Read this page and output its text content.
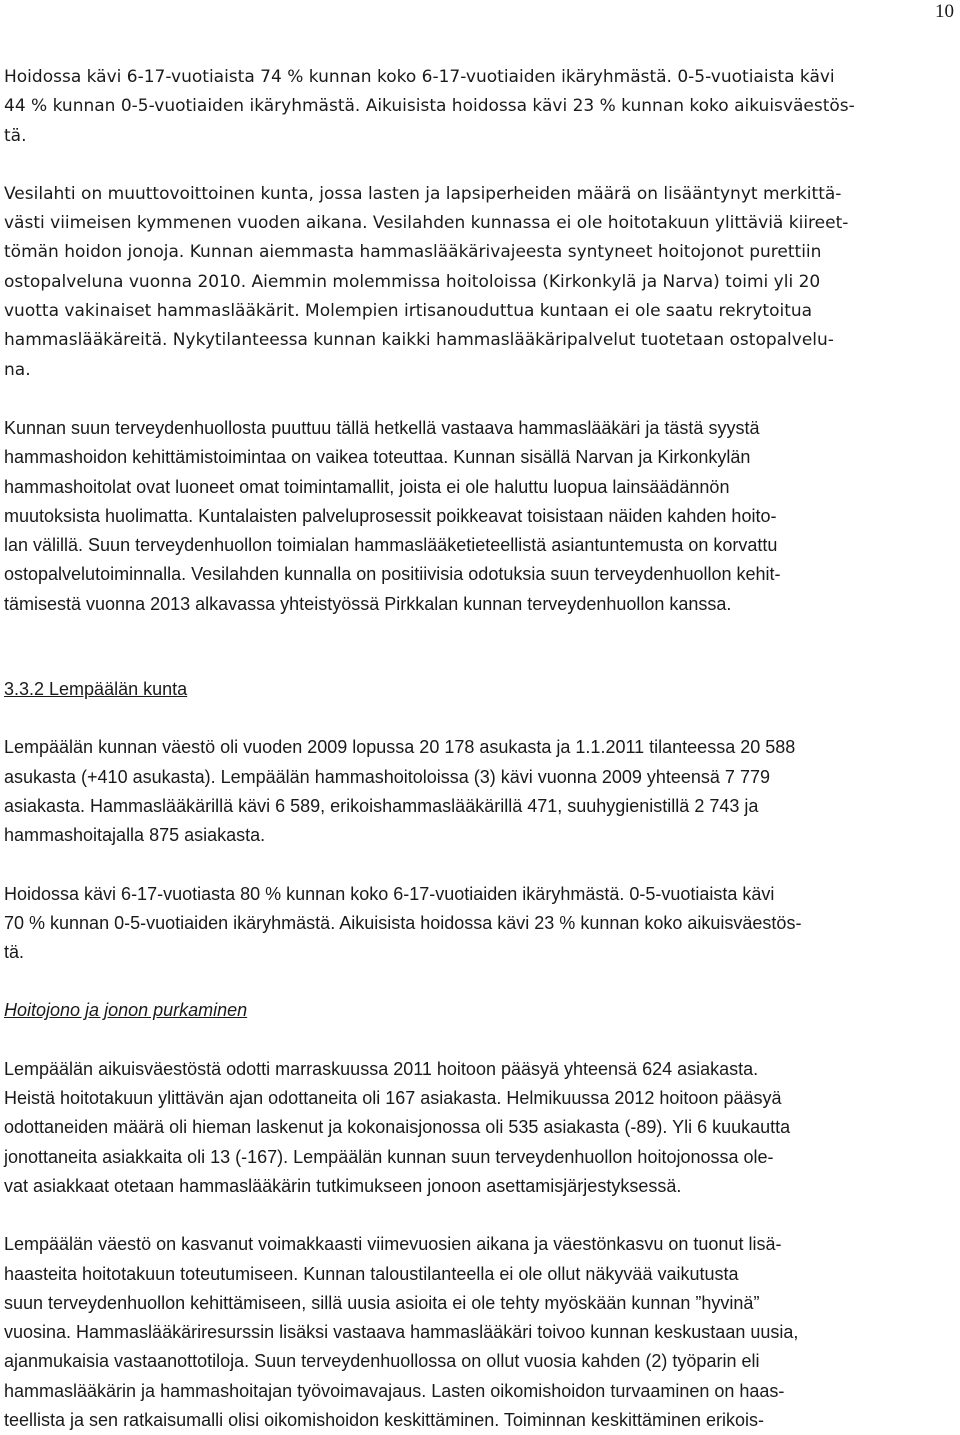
10

Hoidossa kävi 6-17-vuotiaista 74 % kunnan koko 6-17-vuotiaiden ikäryhmästä. 0-5-vuotiaista kävi
44 % kunnan 0-5-vuotiaiden ikäryhmästä. Aikuisista hoidossa kävi 23 % kunnan koko aikuisväestös-
tä.

Vesilahti on muuttovoittoinen kunta, jossa lasten ja lapsiperheiden määrä on lisääntynyt merkittä-
västi viimeisen kymmenen vuoden aikana. Vesilahden kunnassa ei ole hoitotakuun ylittäviä kiireet-
tömän hoidon jonoja. Kunnan aiemmasta hammaslääkärivajeesta syntyneet hoitojonot purettiin
ostopalveluna vuonna 2010. Aiemmin molemmissa hoitoloissa (Kirkonkylä ja Narva) toimi yli 20
vuotta vakinaiset hammaslääkärit. Molempien irtisanouduttua kuntaan ei ole saatu rekrytoitua
hammaslääkäreitä. Nykytilanteessa kunnan kaikki hammaslääkäripalvelut tuotetaan ostopalvelu-
na.

Kunnan suun terveydenhuollosta puuttuu tällä hetkellä vastaava hammaslääkäri ja tästä syystä
hammashoidon kehittämistoimintaa on vaikea toteuttaa. Kunnan sisällä Narvan ja Kirkonkylän
hammashoitolat ovat luoneet omat toimintamallit, joista ei ole haluttu luopua lainsäädännön
muutoksista huolimatta. Kuntalaisten palveluprosessit poikkeavat toisistaan näiden kahden hoito-
lan välillä. Suun terveydenhuollon toimialan hammaslääketieteellistä asiantuntemusta on korvattu
ostopalvelutoiminnalla. Vesilahden kunnalla on positiivisia odotuksia suun terveydenhuollon kehit-
tämisestä vuonna 2013 alkavassa yhteistyössä Pirkkalan kunnan terveydenhuollon kanssa.

3.3.2 Lempäälän kunta

Lempäälän kunnan väestö oli vuoden 2009 lopussa 20 178 asukasta ja 1.1.2011 tilanteessa 20 588
asukasta (+410 asukasta). Lempäälän hammashoitoloissa (3) kävi vuonna 2009 yhteensä 7 779
asiakasta. Hammaslääkärillä kävi 6 589, erikoishammaslääkärillä 471, suuhygienistillä 2 743 ja
hammashoitajalla 875 asiakasta.

Hoidossa kävi 6-17-vuotiasta 80 % kunnan koko 6-17-vuotiaiden ikäryhmästä. 0-5-vuotiaista kävi
70 % kunnan 0-5-vuotiaiden ikäryhmästä. Aikuisista hoidossa kävi 23 % kunnan koko aikuisväestös-
tä.

Hoitojono ja jonon purkaminen

Lempäälän aikuisväestöstä odotti marraskuussa 2011 hoitoon pääsyä yhteensä 624 asiakasta.
Heistä hoitotakuun ylittävän ajan odottaneita oli 167 asiakasta. Helmikuussa 2012 hoitoon pääsyä
odottaneiden määrä oli hieman laskenut ja kokonaisjonossa oli 535 asiakasta (-89). Yli 6 kuukautta
jonottaneita asiakkaita oli 13 (-167). Lempäälän kunnan suun terveydenhuollon hoitojonossa ole-
vat asiakkaat otetaan hammaslääkärin tutkimukseen jonoon asettamisjärjestyksessä.

Lempäälän väestö on kasvanut voimakkaasti viimevuosien aikana ja väestönkasvu on tuonut lisä-
haasteita hoitotakuun toteutumiseen. Kunnan taloustilanteella ei ole ollut näkyvää vaikutusta
suun terveydenhuollon kehittämiseen, sillä uusia asioita ei ole tehty myöskään kunnan ”hyvinä”
vuosina. Hammaslääkäriresurssin lisäksi vastaava hammaslääkäri toivoo kunnan keskustaan uusia,
ajanmukaisia vastaanottotiloja. Suun terveydenhuollossa on ollut vuosia kahden (2) työparin eli
hammaslääkärin ja hammashoitajan työvoimavajaus. Lasten oikomishoidon turvaaminen on haas-
teellista ja sen ratkaisumalli olisi oikomishoidon keskittäminen. Toiminnan keskittäminen erikois-
